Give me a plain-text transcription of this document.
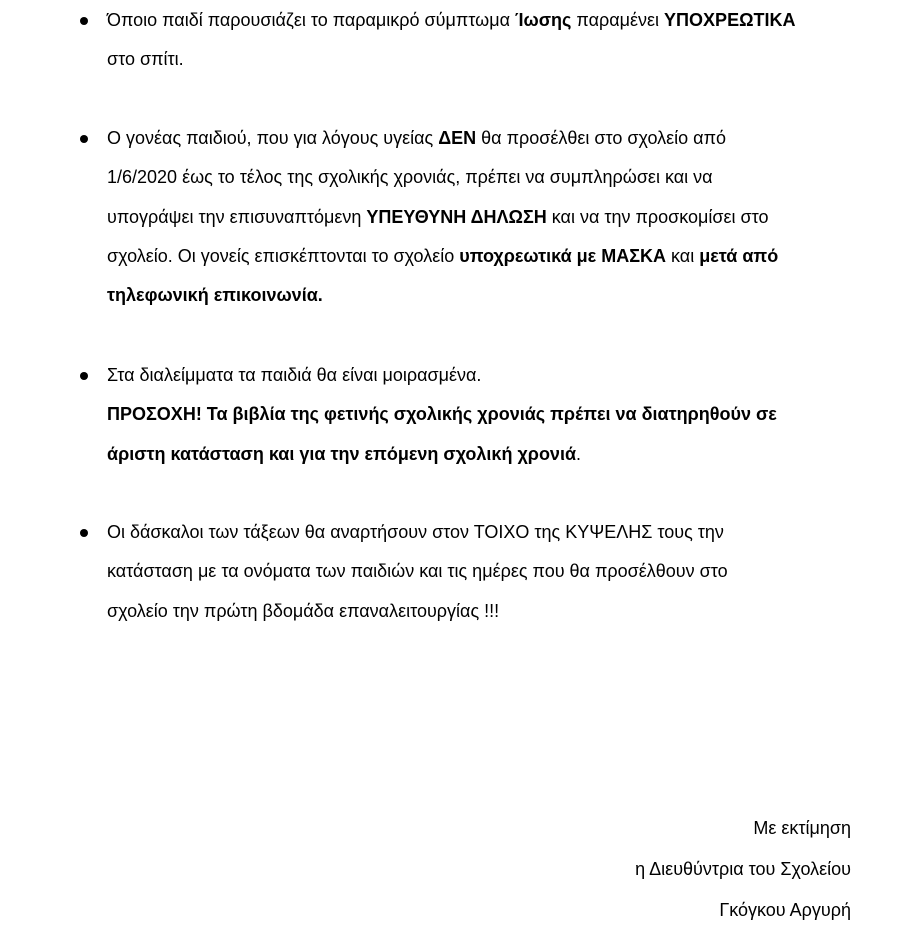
Όποιο παιδί παρουσιάζει το παραμικρό σύμπτωμα Ίωσης παραμένει ΥΠΟΧΡΕΩΤΙΚΑ
στο σπίτι.
Ο γονέας παιδιού, που για λόγους υγείας ΔΕΝ θα προσέλθει στο σχολείο από
1/6/2020 έως το τέλος της σχολικής χρονιάς, πρέπει να συμπληρώσει και να
υπογράψει την επισυναπτόμενη ΥΠΕΥΘΥΝΗ ΔΗΛΩΣΗ και να την προσκομίσει στο
σχολείο. Οι γονείς επισκέπτονται το σχολείο υποχρεωτικά με ΜΑΣΚΑ και μετά από
τηλεφωνική επικοινωνία.
Στα διαλείμματα τα παιδιά θα είναι μοιρασμένα.
ΠΡΟΣΟΧΗ! Τα βιβλία της φετινής σχολικής χρονιάς πρέπει να διατηρηθούν σε
άριστη κατάσταση και για την επόμενη σχολική χρονιά.
Οι δάσκαλοι των τάξεων θα αναρτήσουν στον ΤΟΙΧΟ της ΚΥΨΕΛΗΣ τους την
κατάσταση με τα ονόματα των παιδιών και τις ημέρες που θα προσέλθουν στο
σχολείο την πρώτη βδομάδα επαναλειτουργίας !!!
Με εκτίμηση
η Διευθύντρια του Σχολείου
Γκόγκου Αργυρή
